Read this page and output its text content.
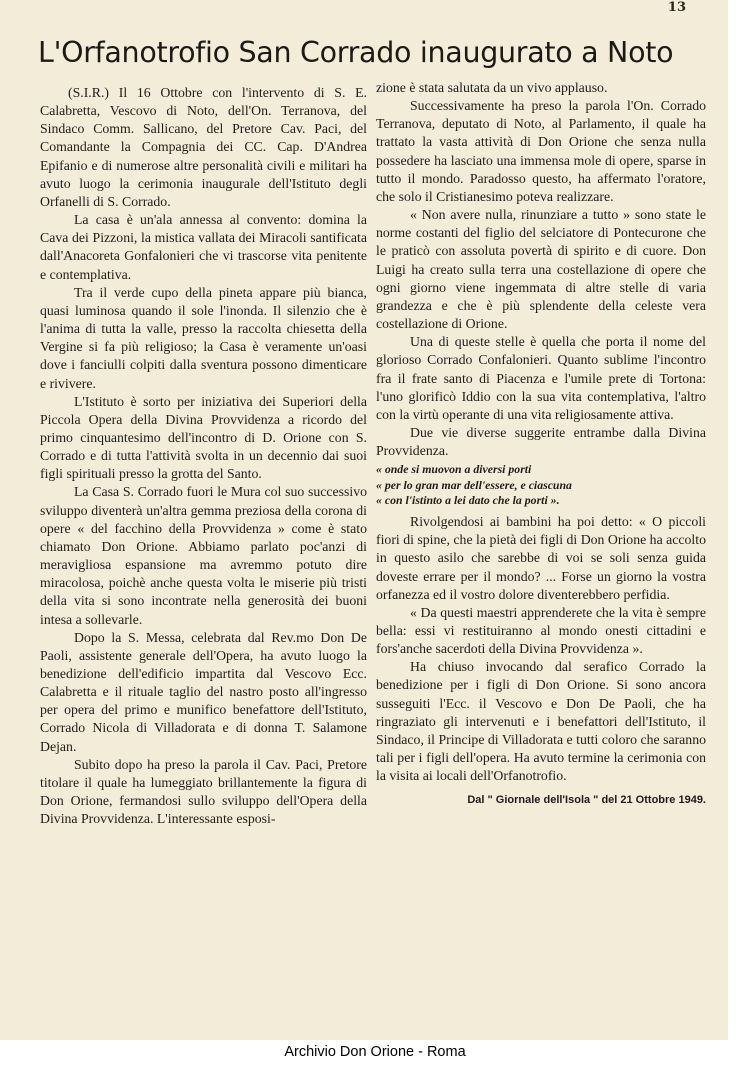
13
L'Orfanotrofio San Corrado inaugurato a Noto

(S.I.R.) Il 16 Ottobre con l'intervento di S. E. Calabretta, Vescovo di Noto, dell'On. Terranova, del Sindaco Comm. Sallicano, del Pretore Cav. Paci, del Comandante la Compagnia dei CC. Cap. D'Andrea Epifanio e di numerose altre personalità civili e militari ha avuto luogo la cerimonia inaugurale dell'Istituto degli Orfanelli di S. Corrado.

La casa è un'ala annessa al convento: domina la Cava dei Pizzoni, la mistica vallata dei Miracoli santificata dall'Anacoreta Gonfalonieri che vi trascorse vita penitente e contemplativa.

Tra il verde cupo della pineta appare più bianca, quasi luminosa quando il sole l'inonda. Il silenzio che è l'anima di tutta la valle, presso la raccolta chiesetta della Vergine si fa più religioso; la Casa è veramente un'oasi dove i fanciulli colpiti dalla sventura possono dimenticare e rivivere.

L'Istituto è sorto per iniziativa dei Superiori della Piccola Opera della Divina Provvidenza a ricordo del primo cinquantesimo dell'incontro di D. Orione con S. Corrado e di tutta l'attività svolta in un decennio dai suoi figli spirituali presso la grotta del Santo.

La Casa S. Corrado fuori le Mura col suo successivo sviluppo diventerà un'altra gemma preziosa della corona di opere « del facchino della Provvidenza » come è stato chiamato Don Orione. Abbiamo parlato poc'anzi di meravigliosa espansione ma avremmo potuto dire miracolosa, poichè anche questa volta le miserie più tristi della vita si sono incontrate nella generosità dei buoni intesa a sollevarle.

Dopo la S. Messa, celebrata dal Rev.mo Don De Paoli, assistente generale dell'Opera, ha avuto luogo la benedizione dell'edificio impartita dal Vescovo Ecc. Calabretta e il rituale taglio del nastro posto all'ingresso per opera del primo e munifico benefattore dell'Istituto, Corrado Nicola di Villadorata e di donna T. Salamone Dejan.

Subito dopo ha preso la parola il Cav. Paci, Pretore titolare il quale ha lumeggiato brillantemente la figura di Don Orione, fermandosi sullo sviluppo dell'Opera della Divina Provvidenza. L'interessante esposi-

zione è stata salutata da un vivo applauso.

Successivamente ha preso la parola l'On. Corrado Terranova, deputato di Noto, al Parlamento, il quale ha trattato la vasta attività di Don Orione che senza nulla possedere ha lasciato una immensa mole di opere, sparse in tutto il mondo. Paradosso questo, ha affermato l'oratore, che solo il Cristianesimo poteva realizzare.

« Non avere nulla, rinunziare a tutto » sono state le norme costanti del figlio del selciatore di Pontecurone che le praticò con assoluta povertà di spirito e di cuore. Don Luigi ha creato sulla terra una costellazione di opere che ogni giorno viene ingemmata di altre stelle di varia grandezza e che è più splendente della celeste vera costellazione di Orione.

Una di queste stelle è quella che porta il nome del glorioso Corrado Confalonieri. Quanto sublime l'incontro fra il frate santo di Piacenza e l'umile prete di Tortona: l'uno glorificò Iddio con la sua vita contemplativa, l'altro con la virtù operante di una vita religiosamente attiva.

Due vie diverse suggerite entrambe dalla Divina Provvidenza.

« onde si muovon a diversi porti
« per lo gran mar dell'essere, e ciascuna
« con l'istinto a lei dato che la porti ».

Rivolgendosi ai bambini ha poi detto: « O piccoli fiori di spine, che la pietà dei figli di Don Orione ha accolto in questo asilo che sarebbe di voi se soli senza guida doveste errare per il mondo? ... Forse un giorno la vostra orfanezza ed il vostro dolore diventerebbero perfidia.

« Da questi maestri apprenderete che la vita è sempre bella: essi vi restituiranno al mondo onesti cittadini e fors'anche sacerdoti della Divina Provvidenza ».

Ha chiuso invocando dal serafico Corrado la benedizione per i figli di Don Orione. Si sono ancora susseguiti l'Ecc. il Vescovo e Don De Paoli, che ha ringraziato gli intervenuti e i benefattori dell'Istituto, il Sindaco, il Principe di Villadorata e tutti coloro che saranno tali per i figli dell'opera. Ha avuto termine la cerimonia con la visita ai locali dell'Orfanotrofio.

Dal " Giornale dell'Isola " del 21 Ottobre 1949.
Archivio Don Orione - Roma
